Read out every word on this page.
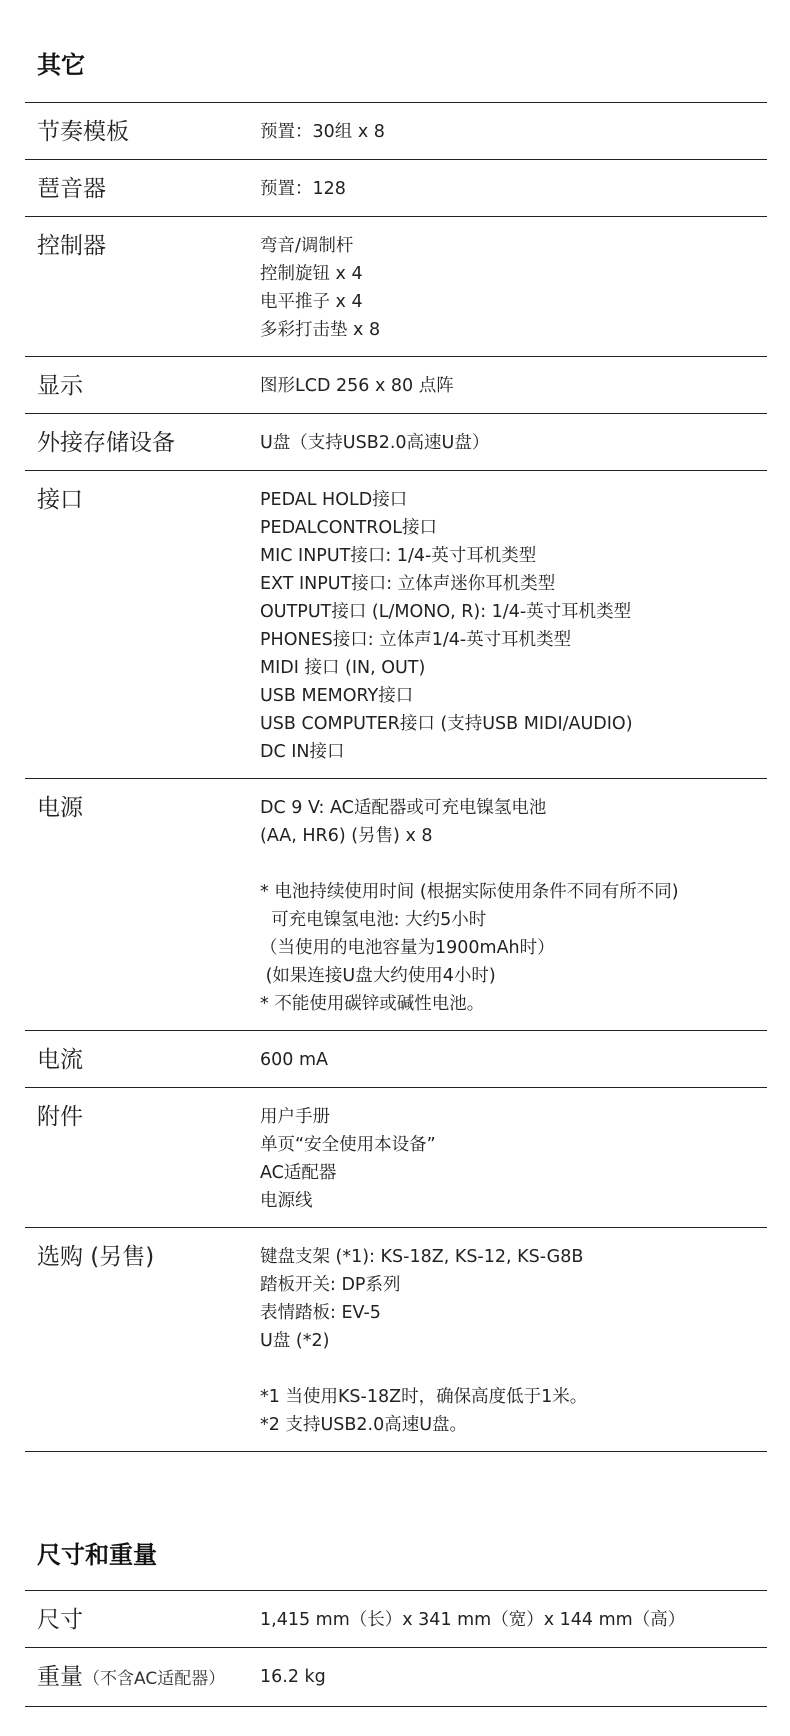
其它
节奏模板	预置：30组 x 8
琶音器	预置：128
控制器	弯音/调制杆
控制旋钮 x 4
电平推子 x 4
多彩打击垫 x 8
显示	图形LCD 256 x 80 点阵
外接存储设备	U盘（支持USB2.0高速U盘）
接口	PEDAL HOLD接口
PEDALCONTROL接口
MIC INPUT接口: 1/4-英寸耳机类型
EXT INPUT接口: 立体声迷你耳机类型
OUTPUT接口 (L/MONO, R): 1/4-英寸耳机类型
PHONES接口: 立体声1/4-英寸耳机类型
MIDI 接口 (IN, OUT)
USB MEMORY接口
USB COMPUTER接口 (支持USB MIDI/AUDIO)
DC IN接口
电源	DC 9 V: AC适配器或可充电镍氢电池
(AA, HR6) (另售) x 8
* 电池持续使用时间 (根据实际使用条件不同有所不同)
可充电镍氢电池: 大约5小时
（当使用的电池容量为1900mAh时）
(如果连接U盘大约使用4小时)
* 不能使用碳锌或碱性电池。
电流	600 mA
附件	用户手册
单页“安全使用本设备”
AC适配器
电源线
选购 (另售)	键盘支架 (*1): KS-18Z, KS-12, KS-G8B
踏板开关: DP系列
表情踏板: EV-5
U盘 (*2)
*1 当使用KS-18Z时，确保高度低于1米。
*2 支持USB2.0高速U盘。
尺寸和重量
尺寸	1,415 mm（长）x 341 mm（宽）x 144 mm（高）
重量（不含AC适配器）	16.2 kg
